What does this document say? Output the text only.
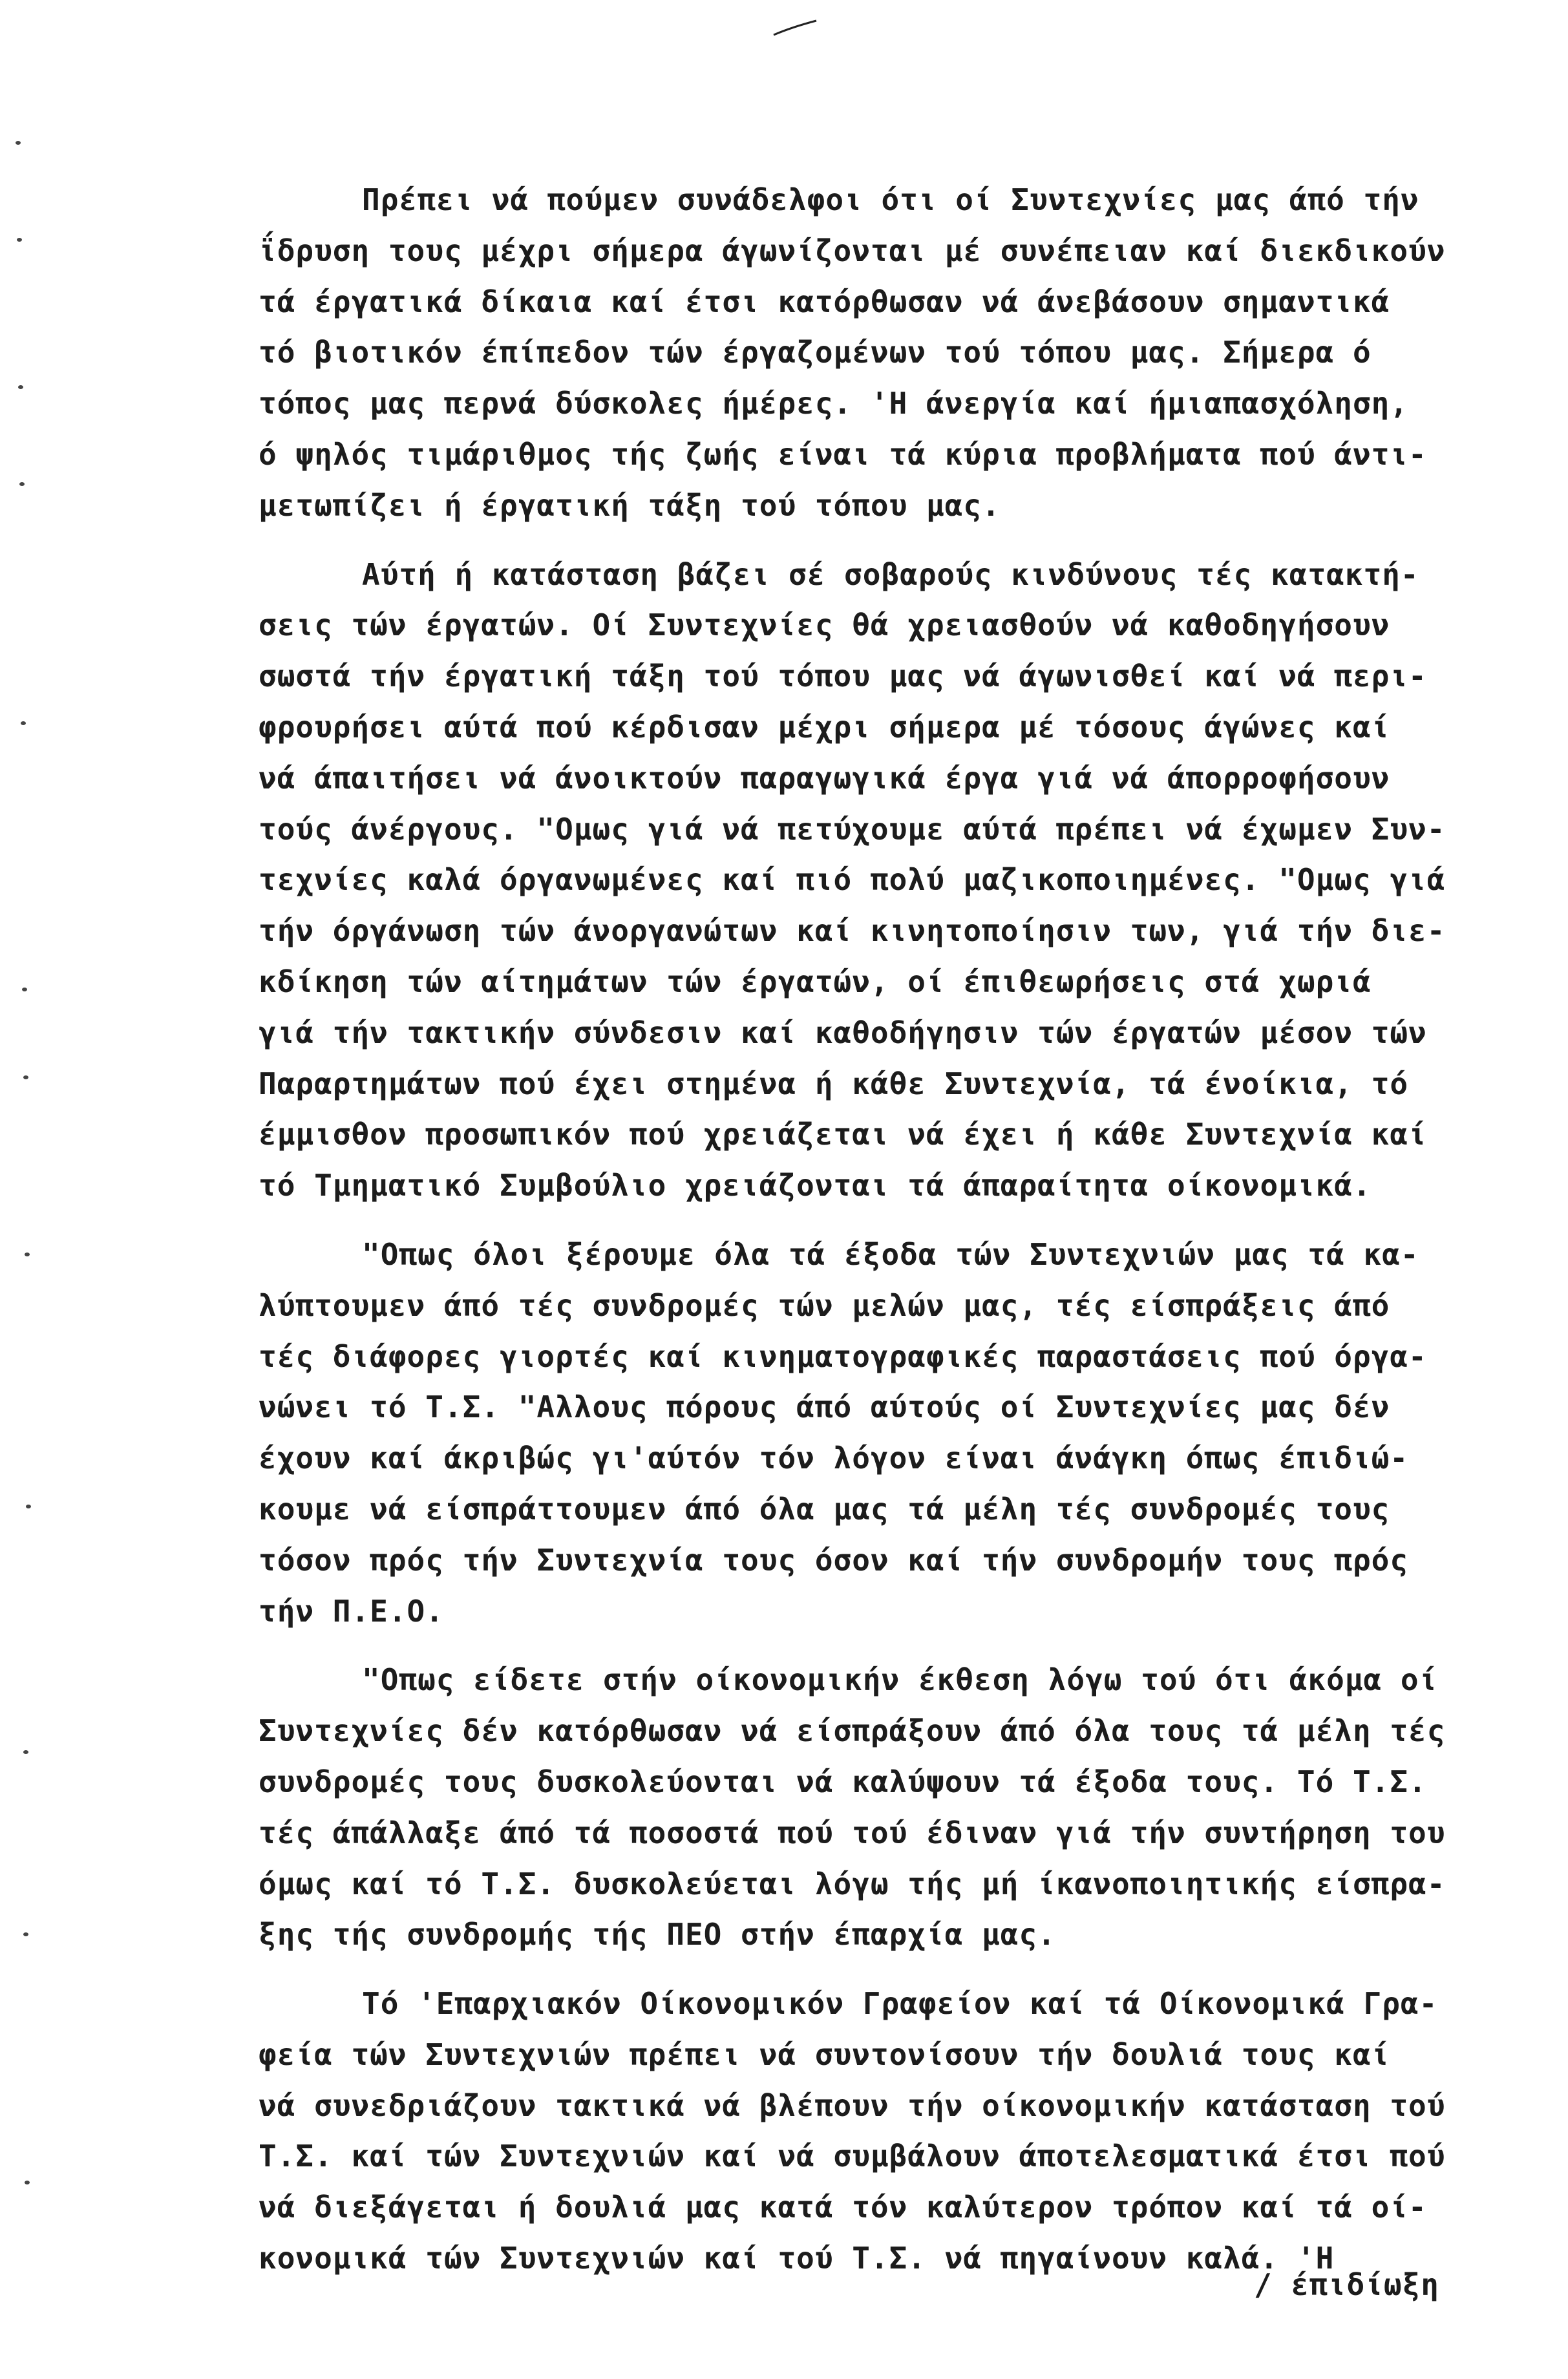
Πρέπει νά πούμεν συνάδελφοι ότι οί Συντεχνίες μας άπό τήν
ΐδρυση τους μέχρι σήμερα άγωνίζονται μέ συνέπειαν καί διεκδικούν
τά έργατικά δίκαια καί έτσι κατόρθωσαν νά άνεβάσουν σημαντικά
τό βιοτικόν έπίπεδον τών έργαζομένων τού τόπου μας. Σήμερα ό
τόπος μας περνά δύσκολες ήμέρες. 'Η άνεργία καί ήμιαπασχόληση,
ό ψηλός τιμάριθμος τής ζωής είναι τά κύρια προβλήματα πού άντι-
μετωπίζει ή έργατική τάξη τού τόπου μας.
Αύτή ή κατάσταση βάζει σέ σοβαρούς κινδύνους τές κατακτή-
σεις τών έργατών. Οί Συντεχνίες θά χρειασθούν νά καθοδηγήσουν
σωστά τήν έργατική τάξη τού τόπου μας νά άγωνισθεί καί νά περι-
φρουρήσει αύτά πού κέρδισαν μέχρι σήμερα μέ τόσους άγώνες καί
νά άπαιτήσει νά άνοικτούν παραγωγικά έργα γιά νά άπορροφήσουν
τούς άνέργους. "Ομως γιά νά πετύχουμε αύτά πρέπει νά έχωμεν Συν-
τεχνίες καλά όργανωμένες καί πιό πολύ μαζικοποιημένες. "Ομως γιά
τήν όργάνωση τών άνοργανώτων καί κινητοποίησιν των, γιά τήν διε-
κδίκηση τών αίτημάτων τών έργατών, οί έπιθεωρήσεις στά χωριά
γιά τήν τακτικήν σύνδεσιν καί καθοδήγησιν τών έργατών μέσον τών
Παραρτημάτων πού έχει στημένα ή κάθε Συντεχνία, τά ένοίκια, τό
έμμισθον προσωπικόν πού χρειάζεται νά έχει ή κάθε Συντεχνία καί
τό Τμηματικό Συμβούλιο χρειάζονται τά άπαραίτητα οίκονομικά.
"Οπως όλοι ξέρουμε όλα τά έξοδα τών Συντεχνιών μας τά κα-
λύπτουμεν άπό τές συνδρομές τών μελών μας, τές είσπράξεις άπό
τές διάφορες γιορτές καί κινηματογραφικές παραστάσεις πού όργα-
νώνει τό Τ.Σ. "Αλλους πόρους άπό αύτούς οί Συντεχνίες μας δέν
έχουν καί άκριβώς γι'αύτόν τόν λόγον είναι άνάγκη όπως έπιδιώ-
κουμε νά είσπράττουμεν άπό όλα μας τά μέλη τές συνδρομές τους
τόσον πρός τήν Συντεχνία τους όσον καί τήν συνδρομήν τους πρός
τήν Π.Ε.Ο.
"Οπως είδετε στήν οίκονομικήν έκθεση λόγω τού ότι άκόμα οί
Συντεχνίες δέν κατόρθωσαν νά είσπράξουν άπό όλα τους τά μέλη τές
συνδρομές τους δυσκολεύονται νά καλύψουν τά έξοδα τους. Τό Τ.Σ.
τές άπάλλαξε άπό τά ποσοστά πού τού έδιναν γιά τήν συντήρηση του
όμως καί τό Τ.Σ. δυσκολεύεται λόγω τής μή ίκανοποιητικής είσπρα-
ξης τής συνδρομής τής ΠΕΟ στήν έπαρχία μας.
Τό 'Επαρχιακόν Οίκονομικόν Γραφείον καί τά Οίκονομικά Γρα-
φεία τών Συντεχνιών πρέπει νά συντονίσουν τήν δουλιά τους καί
νά συνεδριάζουν τακτικά νά βλέπουν τήν οίκονομικήν κατάσταση τού
Τ.Σ. καί τών Συντεχνιών καί νά συμβάλουν άποτελεσματικά έτσι πού
νά διεξάγεται ή δουλιά μας κατά τόν καλύτερον τρόπον καί τά οί-
κονομικά τών Συντεχνιών καί τού Τ.Σ. νά πηγαίνουν καλά. 'Η
/ έπιδίωξη
